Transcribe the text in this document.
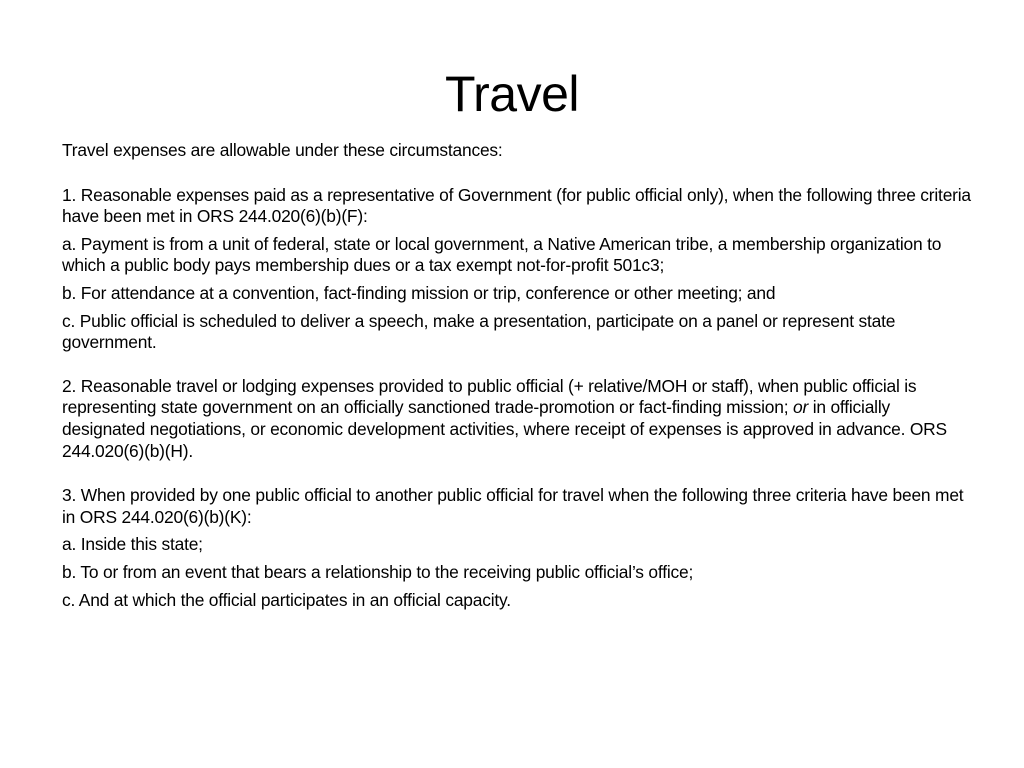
Travel

Travel expenses are allowable under these circumstances:

1. Reasonable expenses paid as a representative of Government (for public official only), when the following three criteria have been met in ORS 244.020(6)(b)(F):

a. Payment is from a unit of federal, state or local government, a Native American tribe, a membership organization to which a public body pays membership dues or a tax exempt not-for-profit 501c3;

b. For attendance at a convention, fact-finding mission or trip, conference or other meeting; and

c. Public official is scheduled to deliver a speech, make a presentation, participate on a panel or represent state government.

2. Reasonable travel or lodging expenses provided to public official (+ relative/MOH or staff), when public official is representing state government on an officially sanctioned trade-promotion or fact-finding mission; or in officially designated negotiations, or economic development activities, where receipt of expenses is approved in advance. ORS 244.020(6)(b)(H).

3. When provided by one public official to another public official for travel when the following three criteria have been met in ORS 244.020(6)(b)(K):

a. Inside this state;

b. To or from an event that bears a relationship to the receiving public official’s office;

c. And at which the official participates in an official capacity.
